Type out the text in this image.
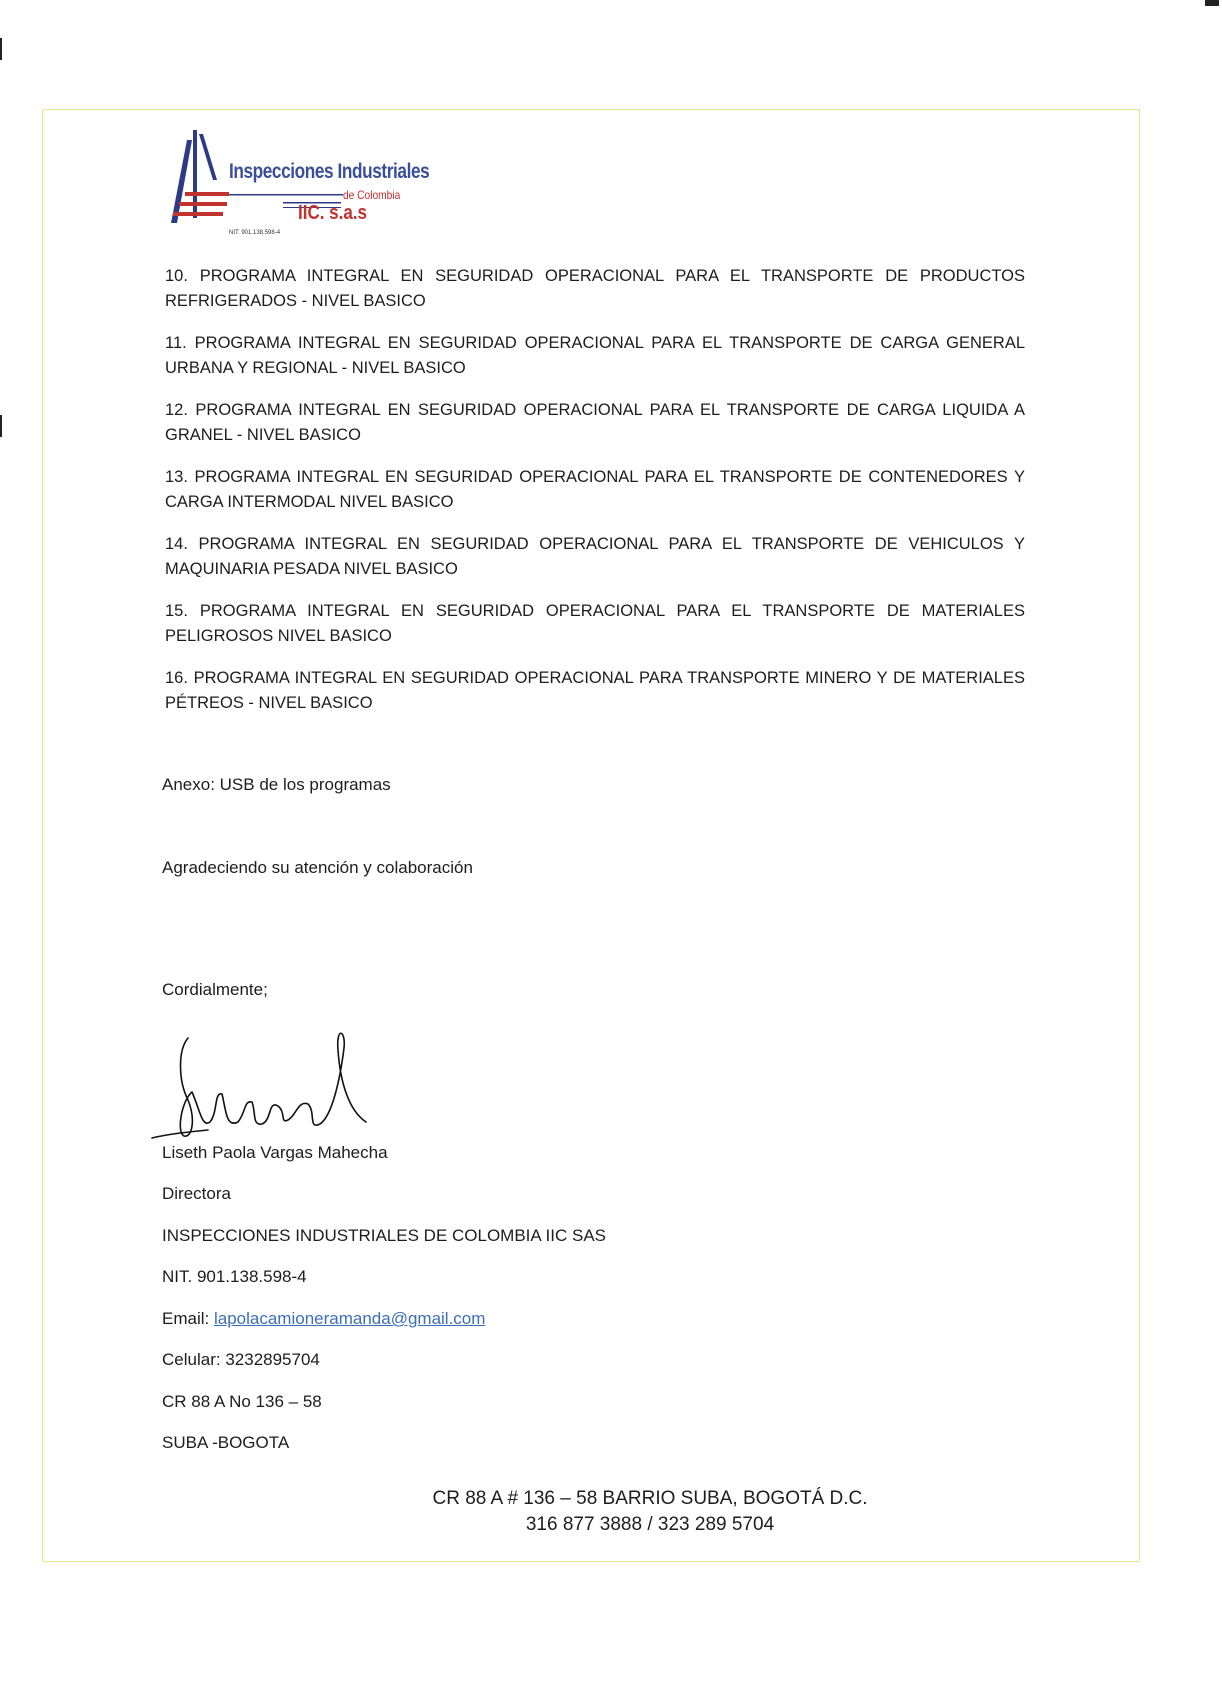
Inspecciones Industriales
de Colombia
IIC. s.a.s
NIT: 901.138.598-4
10. PROGRAMA INTEGRAL EN SEGURIDAD OPERACIONAL PARA EL TRANSPORTE DE PRODUCTOS REFRIGERADOS - NIVEL BASICO
11. PROGRAMA INTEGRAL EN SEGURIDAD OPERACIONAL PARA EL TRANSPORTE DE CARGA GENERAL URBANA Y REGIONAL - NIVEL BASICO
12. PROGRAMA INTEGRAL EN SEGURIDAD OPERACIONAL PARA EL TRANSPORTE DE CARGA LIQUIDA A GRANEL - NIVEL BASICO
13. PROGRAMA INTEGRAL EN SEGURIDAD OPERACIONAL PARA EL TRANSPORTE DE CONTENEDORES Y CARGA INTERMODAL NIVEL BASICO
14. PROGRAMA INTEGRAL EN SEGURIDAD OPERACIONAL PARA EL TRANSPORTE DE VEHICULOS Y MAQUINARIA PESADA NIVEL BASICO
15. PROGRAMA INTEGRAL EN SEGURIDAD OPERACIONAL PARA EL TRANSPORTE DE MATERIALES PELIGROSOS NIVEL BASICO
16. PROGRAMA INTEGRAL EN SEGURIDAD OPERACIONAL PARA TRANSPORTE MINERO Y DE MATERIALES PÉTREOS - NIVEL BASICO
Anexo: USB de los programas
Agradeciendo su atención y colaboración
Cordialmente;
Liseth Paola Vargas Mahecha
Directora
INSPECCIONES INDUSTRIALES DE COLOMBIA IIC SAS
NIT. 901.138.598-4
Email: lapolacamioneramanda@gmail.com
Celular: 3232895704
CR 88 A No 136 – 58
SUBA -BOGOTA
CR 88 A # 136 – 58 BARRIO SUBA, BOGOTÁ D.C.
316 877 3888 / 323 289 5704
